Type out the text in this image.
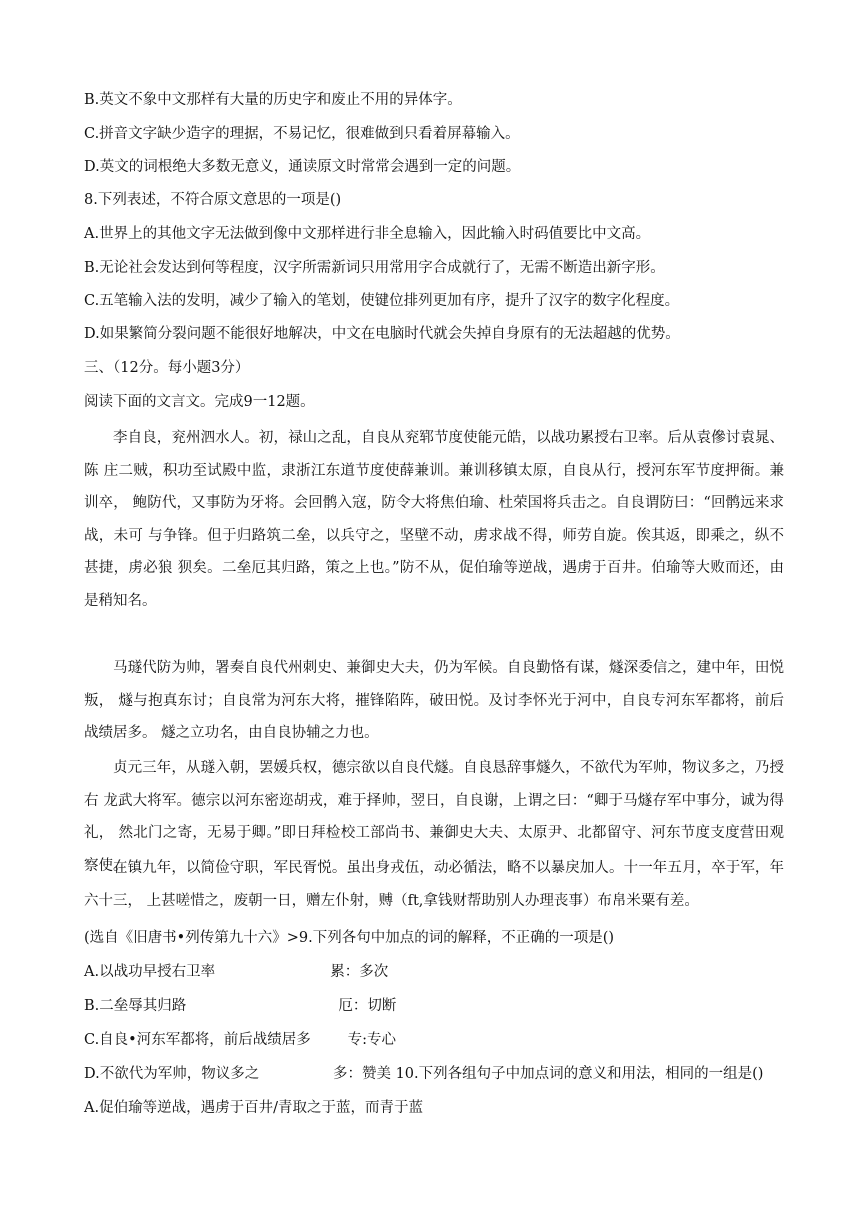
B.英文不象中文那样有大量的历史字和废止不用的异体字。
C.拼音文字缺少造字的理据，不易记忆，很难做到只看着屏幕输入。
D.英文的词根绝大多数无意义，通读原文时常常会遇到一定的问题。
8.下列表述，不符合原文意思的一项是()
A.世界上的其他文字无法做到像中文那样进行非全息输入，因此输入时码值要比中文高。
B.无论社会发达到何等程度，汉字所需新词只用常用字合成就行了，无需不断造出新字形。
C.五笔输入法的发明，减少了输入的笔划，使键位排列更加有序，提升了汉字的数字化程度。
D.如果繁简分裂问题不能很好地解决，中文在电脑时代就会失掉自身原有的无法超越的优势。
三、（12分。每小题3分）
阅读下面的文言文。完成9一12题。
李自良，兖州泗水人。初，禄山之乱，自良从兖郓节度使能元皓，以战功累授右卫率。后从袁傪讨袁晁、陈 庄二贼，积功至试殿中监，隶浙江东道节度使薛兼训。兼训移镇太原，自良从行，授河东军节度押衙。兼训卒， 鲍防代，又事防为牙将。会回鹘入寇，防令大将焦伯瑜、杜荣国将兵击之。自良谓防曰：“回鹘远来求战，未可 与争锋。但于归路筑二垒，以兵守之，坚壁不动，虏求战不得，师劳自旋。俟其返，即乘之，纵不甚捷，虏必狼 狈矣。二垒厄其归路，策之上也。”防不从，促伯瑜等逆战，遇虏于百井。伯瑜等大败而还，由是稍知名。
马璲代防为帅，署奏自良代州刺史、兼御史大夫，仍为军候。自良勤恪有谋，燧深委信之，建中年，田悦叛， 燧与抱真东讨；自良常为河东大将，摧锋陷阵，破田悦。及讨李怀光于河中，自良专河东军都将，前后战绩居多。 燧之立功名，由自良协辅之力也。
贞元三年，从璲入朝，罢媛兵权，德宗欲以自良代燧。自良恳辞事燧久，不欲代为军帅，物议多之，乃授右 龙武大将军。德宗以河东密迩胡戎，难于择帅，翌日，自良谢，上谓之曰：“卿于马燧存军中事分，诚为得礼， 然北门之寄，无易于卿。”即日拜检校工部尚书、兼御史大夫、太原尹、北都留守、河东节度支度营田观察使。
在镇九年，以简俭守职，军民胥悦。虽出身戎伍，动必循法，略不以暴戾加人。十一年五月，卒于军，年六十三， 上甚嗟惜之，废朝一日，赠左仆射，赙（ft,拿钱财帮助别人办理丧事）布帛米粟有差。
(选自《旧唐书•列传第九十六》>9.下列各句中加点的词的解释，不正确的一项是()
A.以战功早授右卫率                         累：多次
B.二垒辱其归路                                 厄：切断
C.自良•河东军都将，前后战绩居多        专:专心
D.不欲代为军帅，物议多之                多：赞美 10.下列各组句子中加点词的意义和用法，相同的一组是()
A.促伯瑜等逆战，遇虏于百井/青取之于蓝，而青于蓝
